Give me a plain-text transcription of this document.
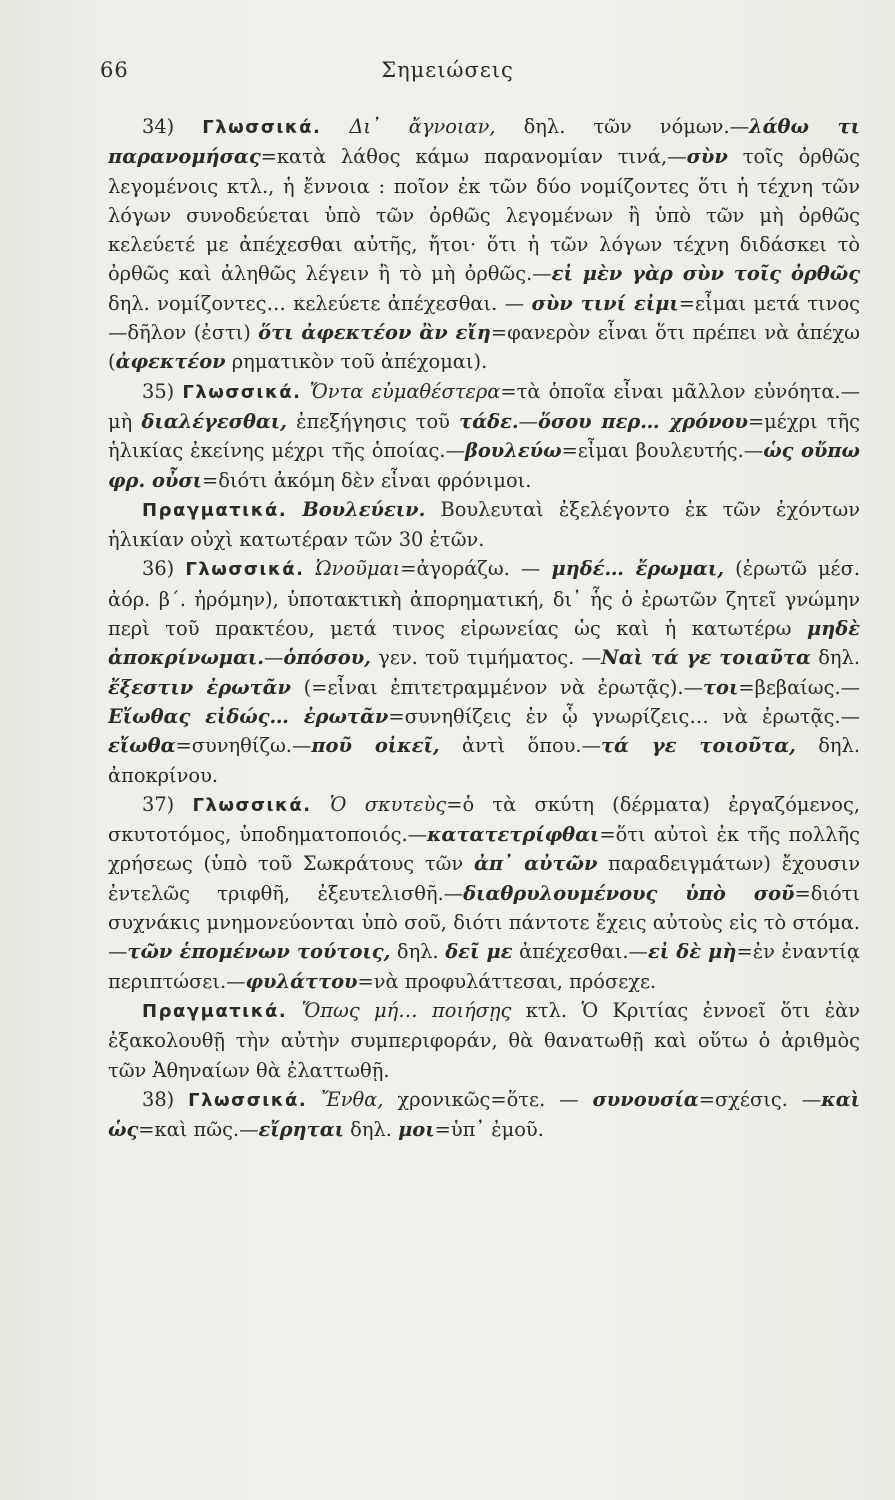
66	Σημειώσεις

34) Γλωσσικά. Δι᾽ ἄγνοιαν, δηλ. τῶν νόμων.—λάθω τι παρανομήσας=κατὰ λάθος κάμω παρανομίαν τινά,—σὺν τοῖς ὀρθῶς λεγομένοις κτλ., ἡ ἔννοια : ποῖον ἐκ τῶν δύο νομίζοντες ὅτι ἡ τέχνη τῶν λόγων συνοδεύεται ὑπὸ τῶν ὀρθῶς λεγομένων ἢ ὑπὸ τῶν μὴ ὀρθῶς κελεύετέ με ἀπέχεσθαι αὐτῆς, ἤτοι· ὅτι ἡ τῶν λόγων τέχνη διδάσκει τὸ ὀρθῶς καὶ ἀληθῶς λέγειν ἢ τὸ μὴ ὀρθῶς.—εἰ μὲν γὰρ σὺν τοῖς ὀρθῶς δηλ. νομίζοντες… κελεύετε ἀπέχεσθαι. — σὺν τινί εἰμι=εἶμαι μετά τινος—δῆλον (ἐστι) ὅτι ἀφεκτέον ἂν εἴη=φανερὸν εἶναι ὅτι πρέπει νὰ ἀπέχω (ἀφεκτέον ρηματικὸν τοῦ ἀπέχομαι).

35) Γλωσσικά. Ὄντα εὐμαθέστερα=τὰ ὁποῖα εἶναι μᾶλλον εὐνόητα.—μὴ διαλέγεσθαι, ἐπεξήγησις τοῦ τάδε.—ὅσου περ… χρόνου=μέχρι τῆς ἡλικίας ἐκείνης μέχρι τῆς ὁποίας.—βουλεύω=εἶμαι βουλευτής.—ὡς οὔπω φρ. οὖσι=διότι ἀκόμη δὲν εἶναι φρόνιμοι.

Πραγματικά. Βουλεύειν. Βουλευταὶ ἐξελέγοντο ἐκ τῶν ἐχόντων ἡλικίαν οὐχὶ κατωτέραν τῶν 30 ἐτῶν.

36) Γλωσσικά. Ὠνοῦμαι=ἀγοράζω. — μηδέ… ἔρωμαι, (ἐρωτῶ μέσ. ἀόρ. β΄. ἠρόμην), ὑποτακτικὴ ἀπορηματική, δι᾽ ἧς ὁ ἐρωτῶν ζητεῖ γνώμην περὶ τοῦ πρακτέου, μετά τινος εἰρωνείας ὡς καὶ ἡ κατωτέρω μηδὲ ἀποκρίνωμαι.—ὁπόσου, γεν. τοῦ τιμήματος. —Ναὶ τά γε τοιαῦτα δηλ. ἔξεστιν ἐρωτᾶν (=εἶναι ἐπιτετραμμένον νὰ ἐρωτᾷς).—τοι=βεβαίως.—Εἴωθας εἰδώς… ἐρωτᾶν=συνηθίζεις ἐν ᾧ γνωρίζεις… νὰ ἐρωτᾷς.—εἴωθα=συνηθίζω.—ποῦ οἰκεῖ, ἀντὶ ὅπου.—τά γε τοιοῦτα, δηλ. ἀποκρίνου.

37) Γλωσσικά. Ὁ σκυτεὺς=ὁ τὰ σκύτη (δέρματα) ἐργαζόμενος, σκυτοτόμος, ὑποδηματοποιός.—κατατετρίφθαι=ὅτι αὐτοὶ ἐκ τῆς πολλῆς χρήσεως (ὑπὸ τοῦ Σωκράτους τῶν ἀπ᾽ αὐτῶν παραδειγμάτων) ἔχουσιν ἐντελῶς τριφθῆ, ἐξευτελισθῆ.—διαθρυλουμένους ὑπὸ σοῦ=διότι συχνάκις μνημονεύονται ὑπὸ σοῦ, διότι πάντοτε ἔχεις αὐτοὺς εἰς τὸ στόμα.—τῶν ἑπομένων τούτοις, δηλ. δεῖ με ἀπέχεσθαι.—εἰ δὲ μὴ=ἐν ἐναντίᾳ περιπτώσει.—φυλάττου=νὰ προφυλάττεσαι, πρόσεχε.

Πραγματικά. Ὅπως μή… ποιήσῃς κτλ. Ὁ Κριτίας ἐννοεῖ ὅτι ἐὰν ἐξακολουθῇ τὴν αὐτὴν συμπεριφοράν, θὰ θανατωθῇ καὶ οὕτω ὁ ἀριθμὸς τῶν Ἀθηναίων θὰ ἐλαττωθῇ.

38) Γλωσσικά. Ἔνθα, χρονικῶς=ὅτε. — συνουσία=σχέσις. —καὶ ὡς=καὶ πῶς.—εἴρηται δηλ. μοι=ὑπ᾽ ἐμοῦ.
